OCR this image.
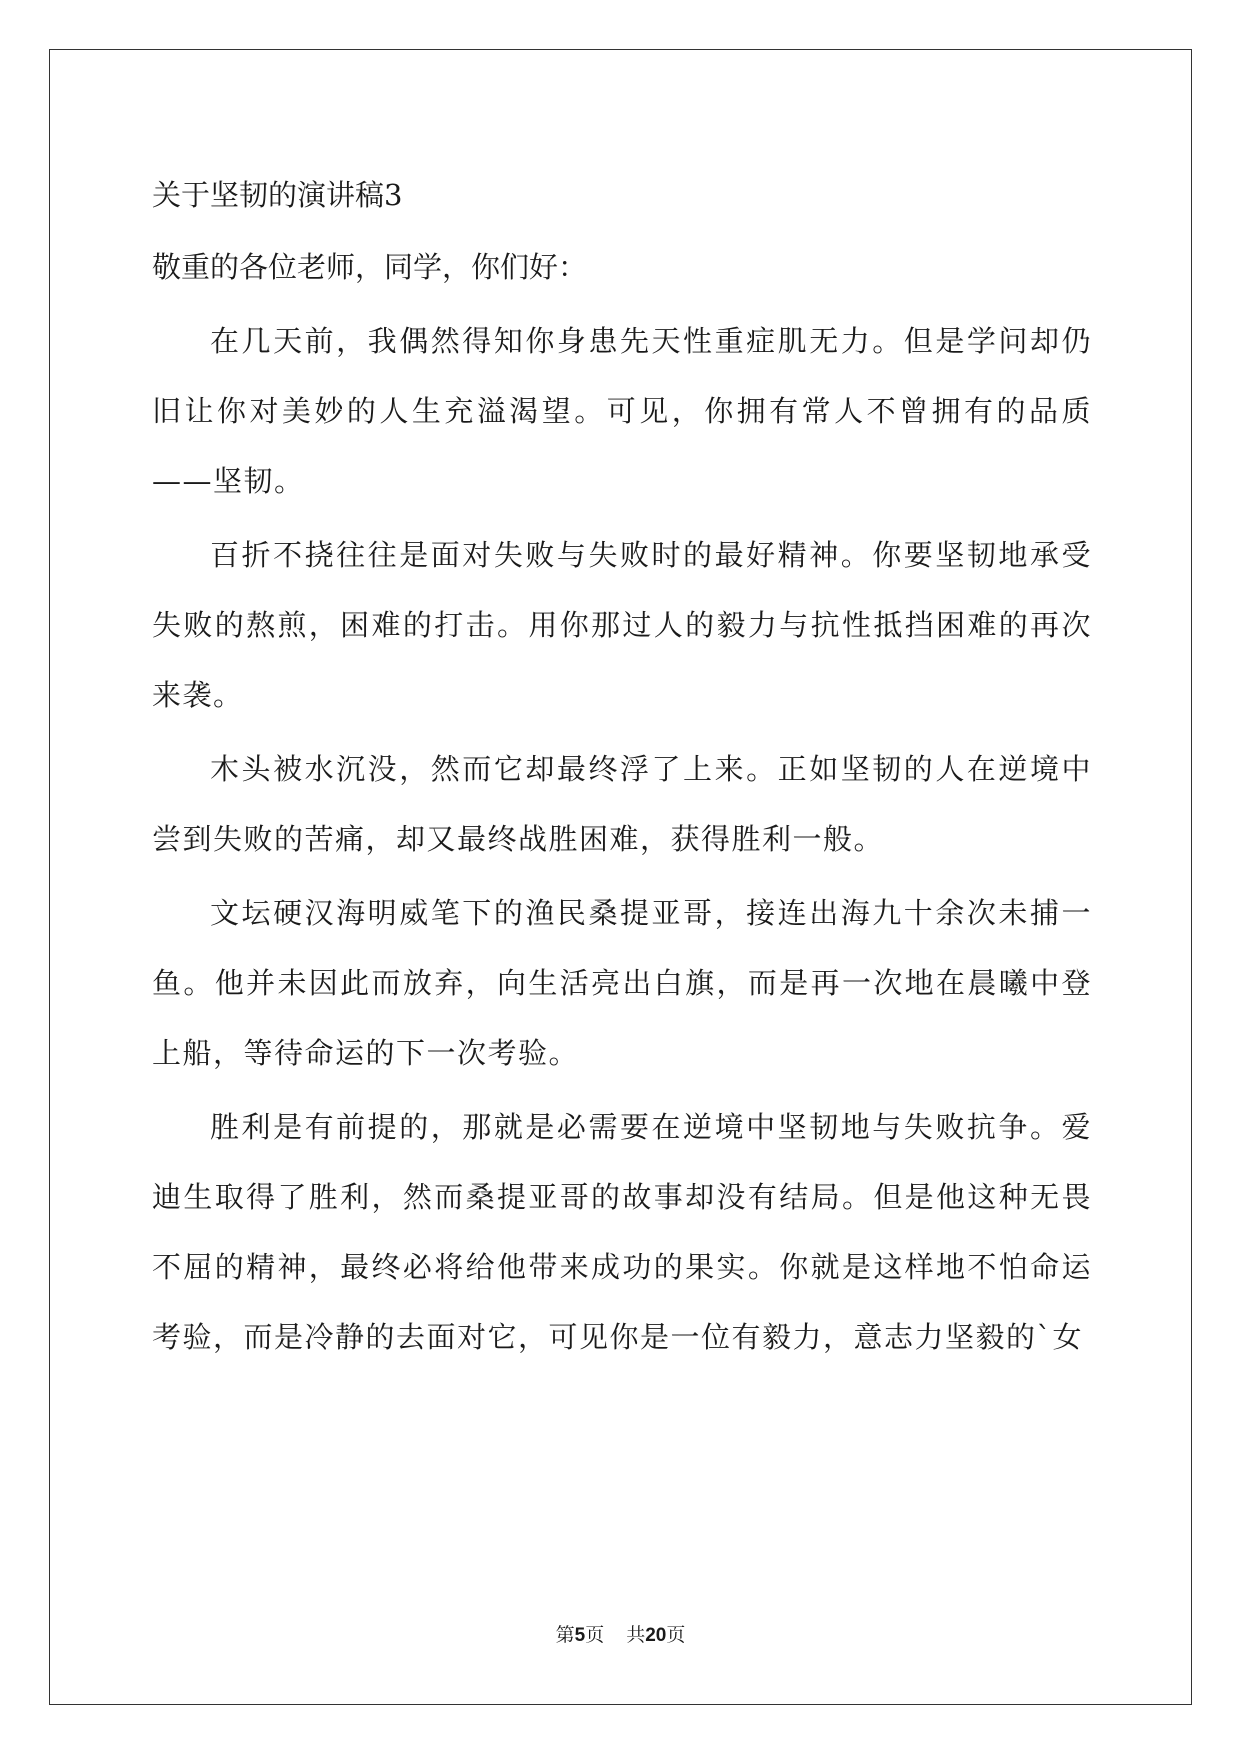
关于坚韧的演讲稿3

敬重的各位老师，同学，你们好：

在几天前，我偶然得知你身患先天性重症肌无力。但是学问却仍旧让你对美妙的人生充溢渴望。可见，你拥有常人不曾拥有的品质——坚韧。

百折不挠往往是面对失败与失败时的最好精神。你要坚韧地承受失败的熬煎，困难的打击。用你那过人的毅力与抗性抵挡困难的再次来袭。

木头被水沉没，然而它却最终浮了上来。正如坚韧的人在逆境中尝到失败的苦痛，却又最终战胜困难，获得胜利一般。

文坛硬汉海明威笔下的渔民桑提亚哥，接连出海九十余次未捕一鱼。他并未因此而放弃，向生活亮出白旗，而是再一次地在晨曦中登上船，等待命运的下一次考验。

胜利是有前提的，那就是必需要在逆境中坚韧地与失败抗争。爱迪生取得了胜利，然而桑提亚哥的故事却没有结局。但是他这种无畏不屈的精神，最终必将给他带来成功的果实。你就是这样地不怕命运考验，而是冷静的去面对它，可见你是一位有毅力，意志力坚毅的`女

第5页 共20页
